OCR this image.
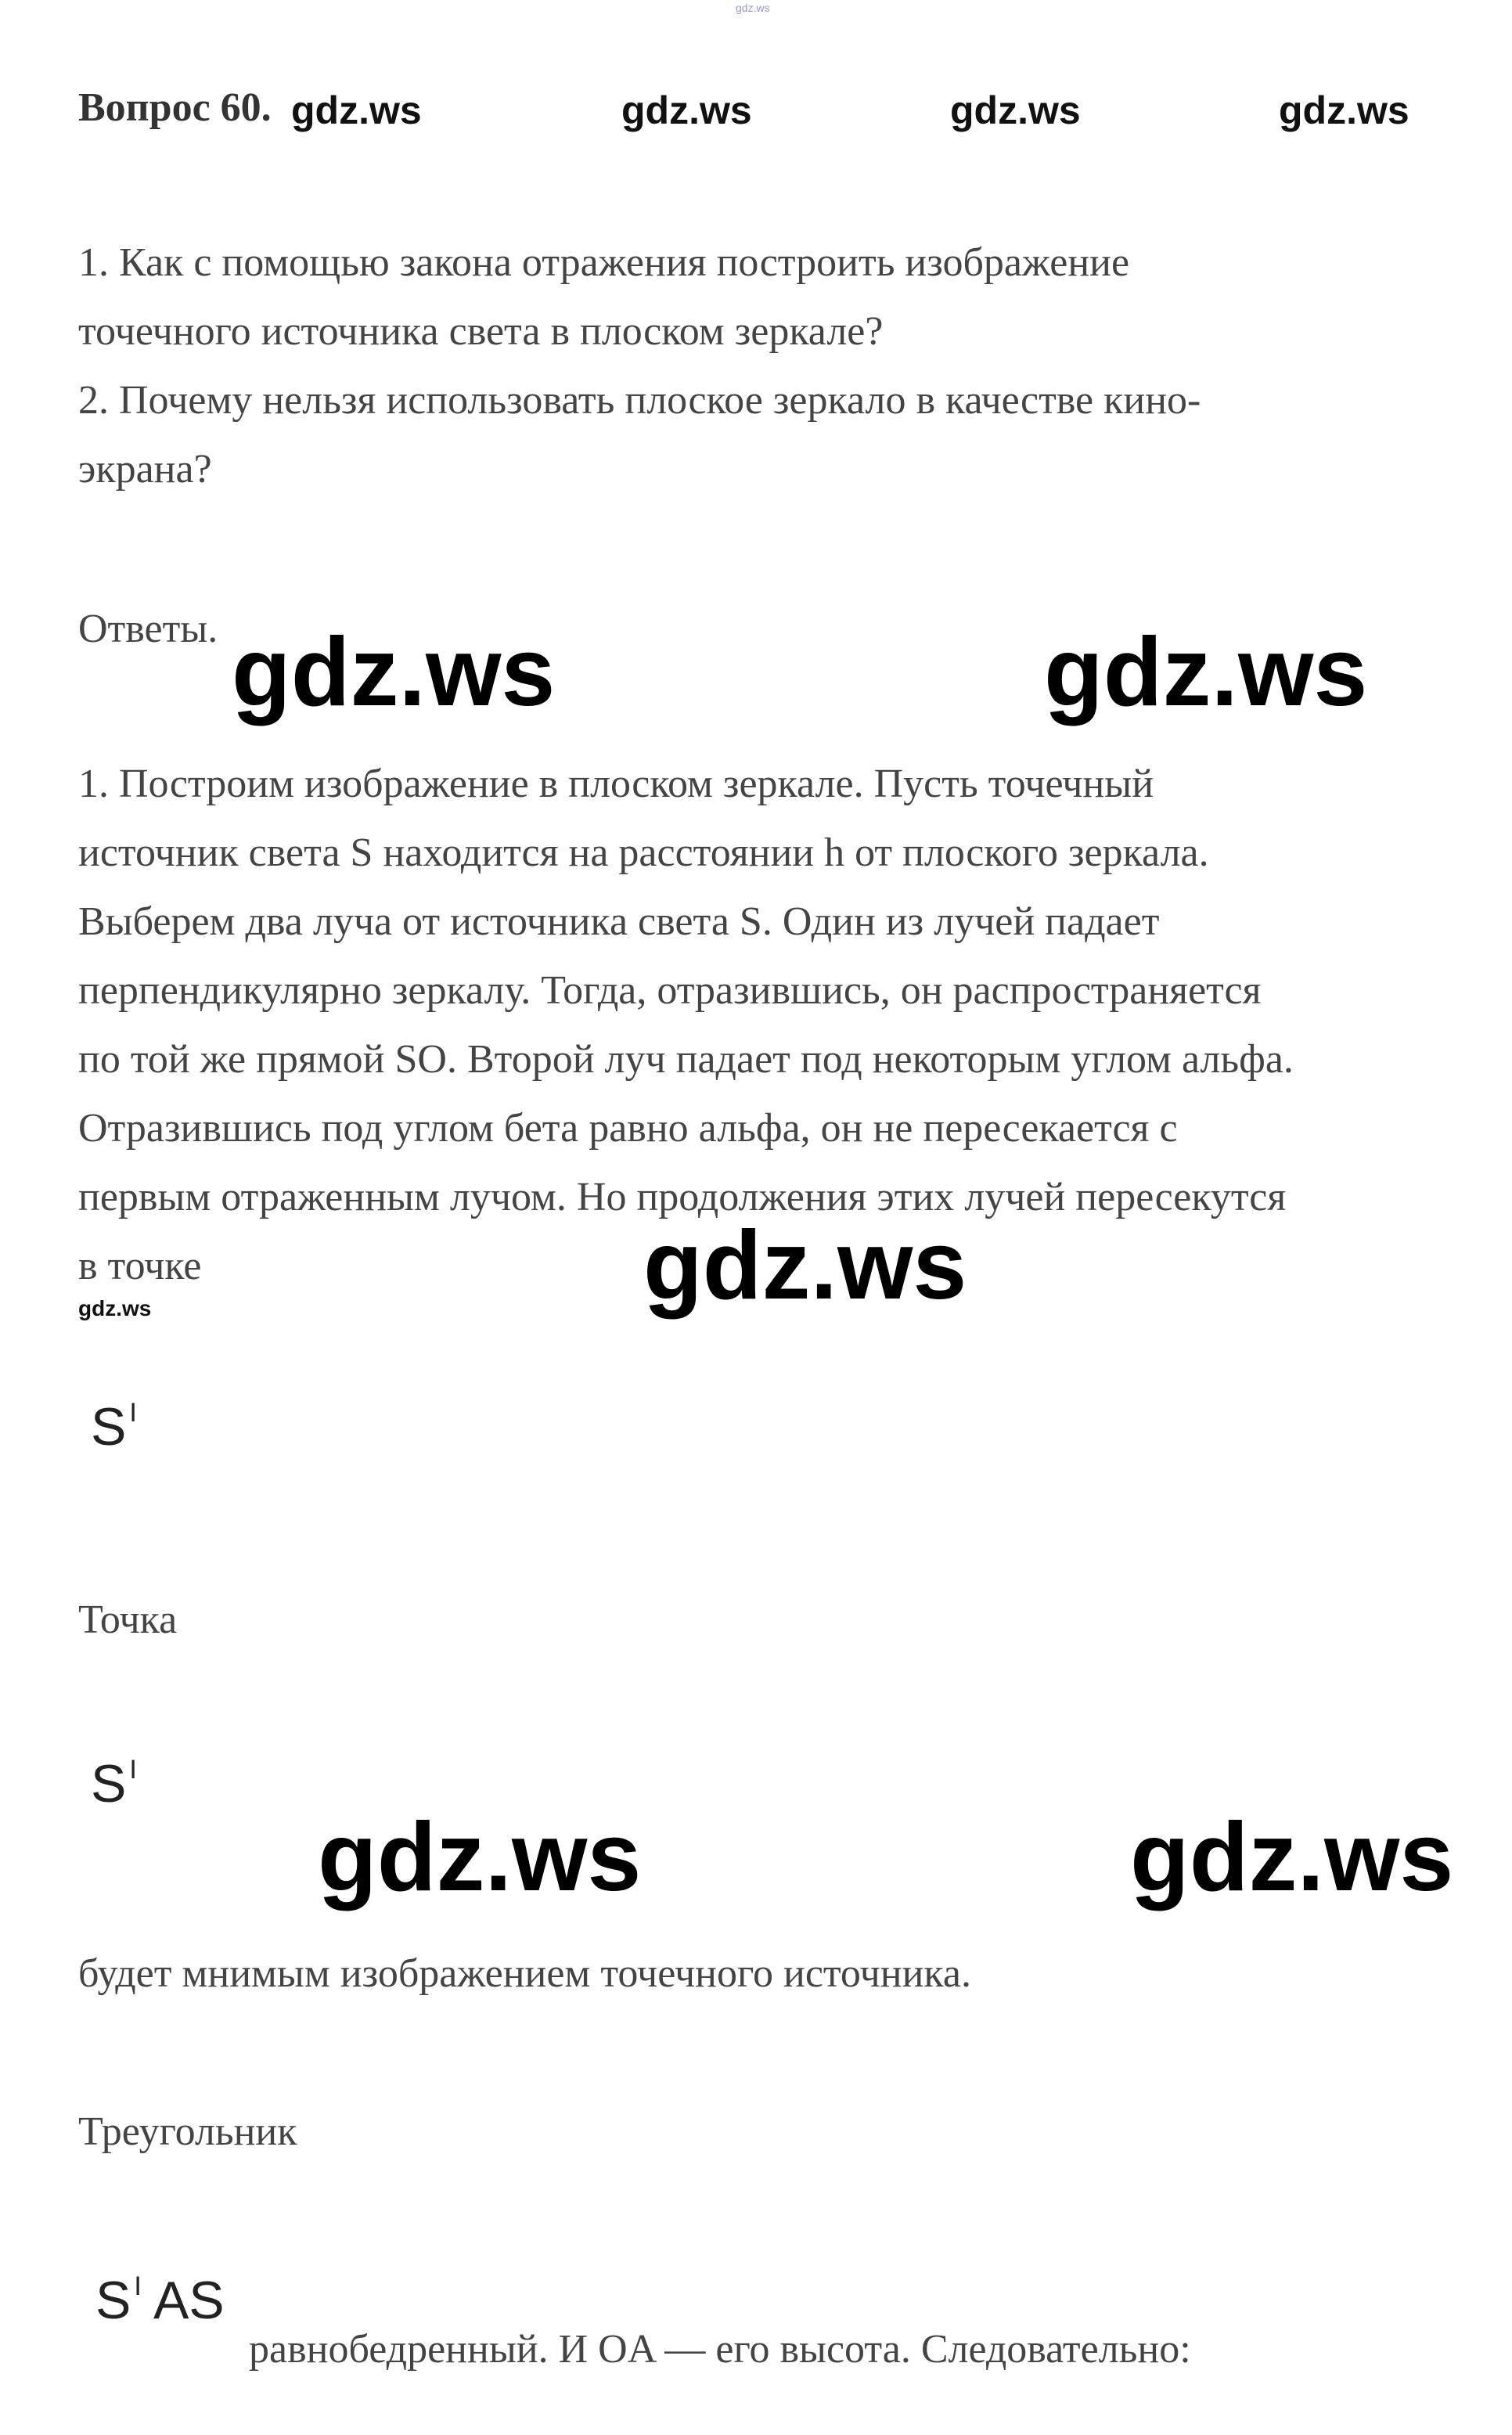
gdz.ws
Вопрос 60. gdz.ws	gdz.ws	gdz.ws	gdz.ws
1. Как с помощью закона отражения построить изображение
точечного источника света в плоском зеркале?
2. Почему нельзя использовать плоское зеркало в качестве кино-
экрана?
Ответы. gdz.ws	gdz.ws
1. Построим изображение в плоском зеркале. Пусть точечный
источник света S находится на расстоянии h от плоского зеркала.
Выберем два луча от источника света S. Один из лучей падает
перпендикулярно зеркалу. Тогда, отразившись, он распространяется
по той же прямой SO. Второй луч падает под некоторым углом альфа.
Отразившись под углом бета равно альфа, он не пересекается с
первым отраженным лучом. Но продолжения этих лучей пересекутся
в точке	gdz.ws
gdz.ws
S $^I$
Точка
S $^I$
gdz.ws	gdz.ws
будет мнимым изображением точечного источника.
Треугольник
S $^I$ AS
равнобедренный. И OA — его высота. Следовательно:
